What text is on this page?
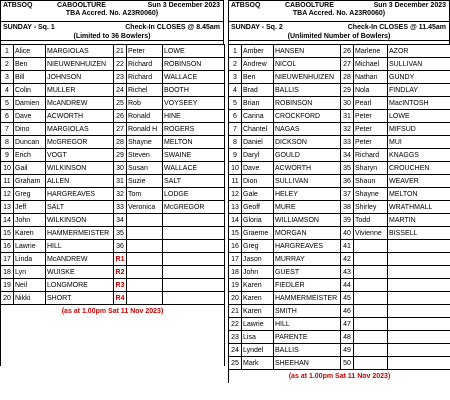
ATBSOQ	CABOOLTURE	Sun 3 December 2023
TBA Accred. No. A23R0060)
SUNDAY - Sq. 1	Check-In CLOSES @ 8.45am
(Limited to 36 Bowlers)
1	Alice	MARGIOLAS	21	Peter	LOWE
2	Ben	NIEUWENHUIZEN	22	Richard	ROBINSON
3	Bill	JOHNSON	23	Richard	WALLACE
4	Colin	MULLER	24	Richel	BOOTH
5	Damien	McANDREW	25	Rob	VOYSEEY
6	Dave	ACWORTH	26	Ronald	HINE
7	Dino	MARGIOLAS	27	Ronald H	ROGERS
8	Duncan	McGREGOR	28	Shayne	MELTON
9	Erich	VOGT	29	Steven	SWAINE
10	Gail	WILKINSON	30	Susan	WALLACE
11	Graham	ALLEN	31	Suzie	SALT
12	Greg	HARGREAVES	32	Tom	LODGE
13	Jeff	SALT	33	Veronica	McGREGOR
14	John	WILKINSON	34		
15	Karen	HAMMERMEISTER	35		
16	Lawrie	HILL	36		
17	Linda	McANDREW	R1		
18	Lyn	WUISKE	R2		
19	Neil	LONGMORE	R3		
20	Nikki	SHORT	R4		
(as at 1.00pm Sat 11 Nov 2023)					

ATBSOQ	CABOOLTURE	Sun 3 December 2023
TBA Accred. No. A23R0060)
SUNDAY - Sq. 2	Check-In CLOSES @ 11.45am
(Unlimited Number of Bowlers)
1	Amber	HANSEN	26	Marlene	AZOR
2	Andrew	NICOL	27	Michael	SULLIVAN
3	Ben	NIEUWENHUIZEN	28	Nathan	GUNDY
4	Brad	BALLIS	29	Nola	FINDLAY
5	Brian	ROBINSON	30	Pearl	MacINTOSH
6	Carina	CROCKFORD	31	Peter	LOWE
7	Chantel	NAGAS	32	Peter	MIFSUD
8	Daniel	DICKSON	33	Peter	MUI
9	Daryl	GOULD	34	Richard	KNAGGS
10	Dave	ACWORTH	35	Sharyn	CROUCHEN
11	Dion	SULLIVAN	36	Shaun	WEAVER
12	Gale	HELEY	37	Shayne	MELTON
13	Geoff	MURE	38	Shirley	WRATHMALL
14	Gloria	WILLIAMSON	39	Todd	MARTIN
15	Graeme	MORGAN	40	Vivienne	BISSELL
16	Greg	HARGREAVES	41		
17	Jason	MURRAY	42		
18	John	GUEST	43		
19	Karen	FIEDLER	44		
20	Karen	HAMMERMEISTER	45		
21	Karen	SMITH	46		
22	Lawrie	HILL	47		
23	Lisa	PARENTE	48		
24	Lyndel	BALLIS	49		
25	Mark	SHEEHAN	50		
(as at 1.00pm Sat 11 Nov 2023)					
